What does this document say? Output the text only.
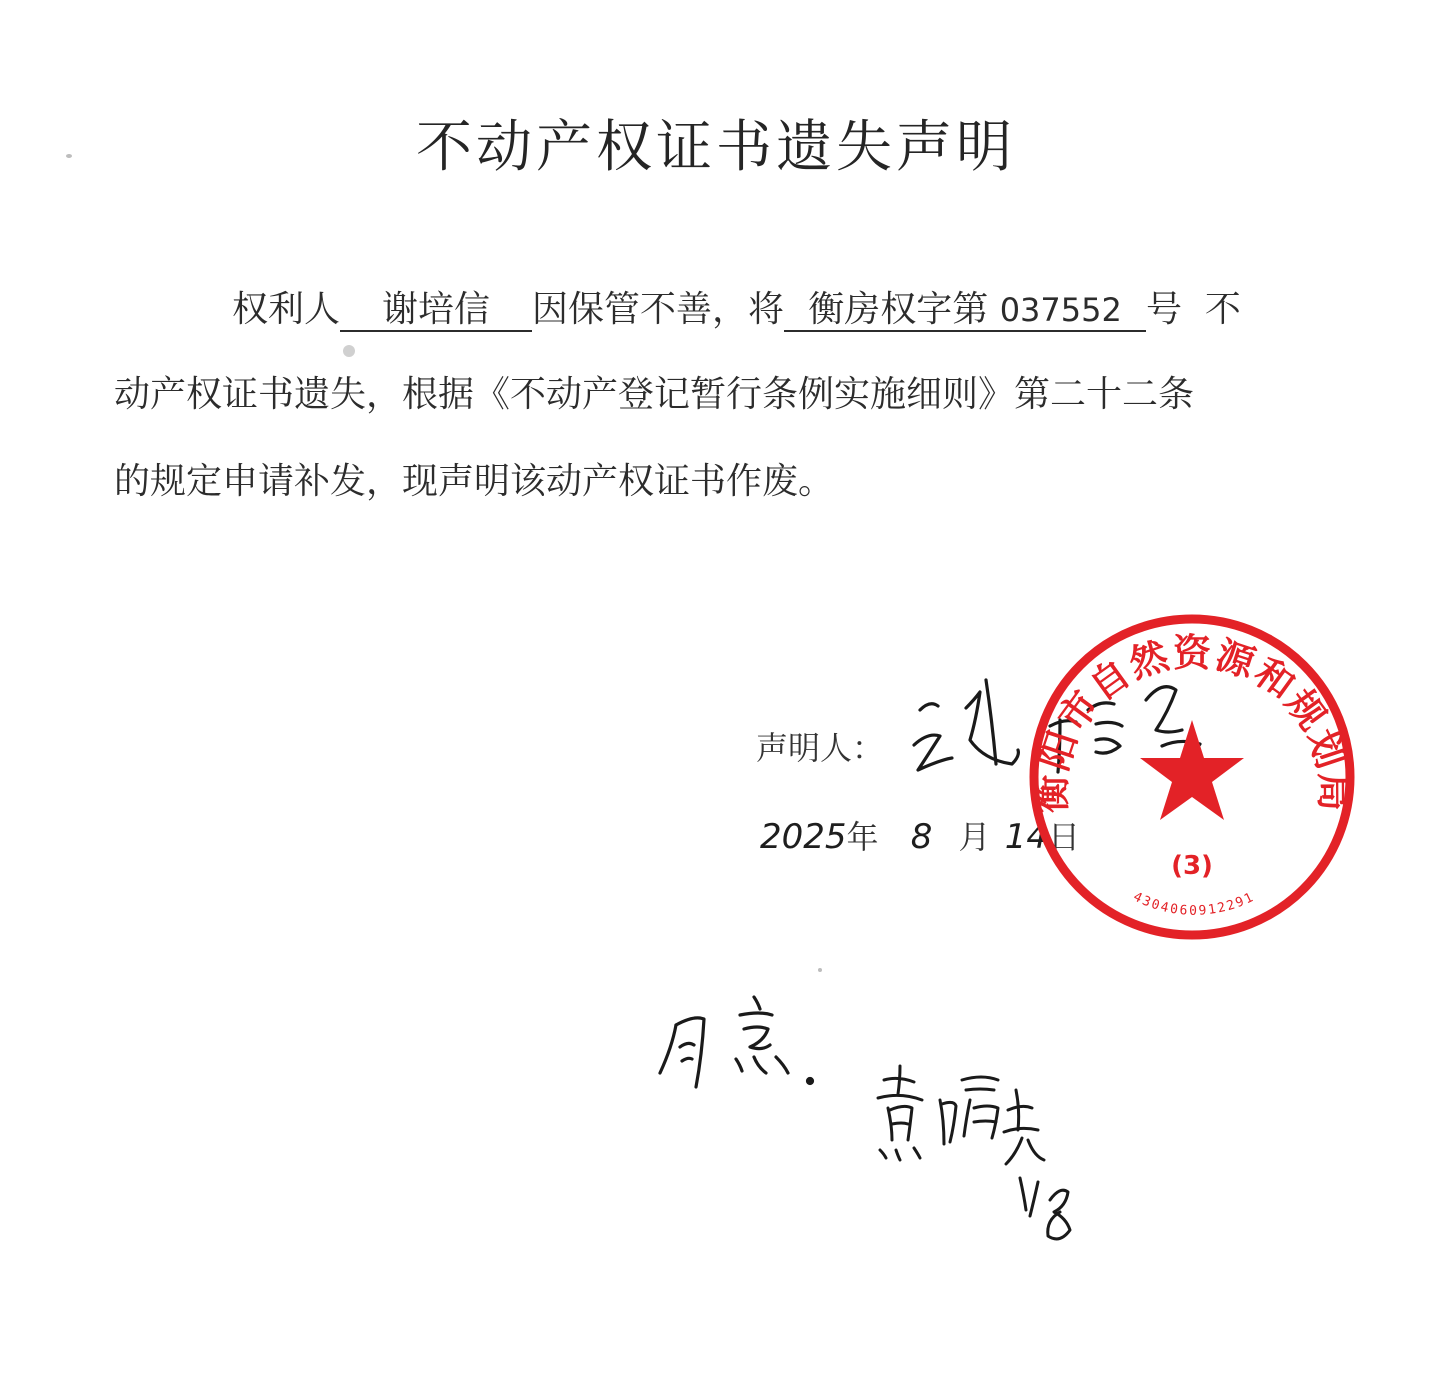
不动产权证书遗失声明
权利人 谢培信 因保管不善，将 衡房权字第 037552 号  不
动产权证书遗失，根据《不动产登记暂行条例实施细则》第二十二条
的规定申请补发，现声明该动产权证书作废。
声明人：
2025年 8 月 14日
衡阳市自然资源和规划局
(3)
4304060912291
